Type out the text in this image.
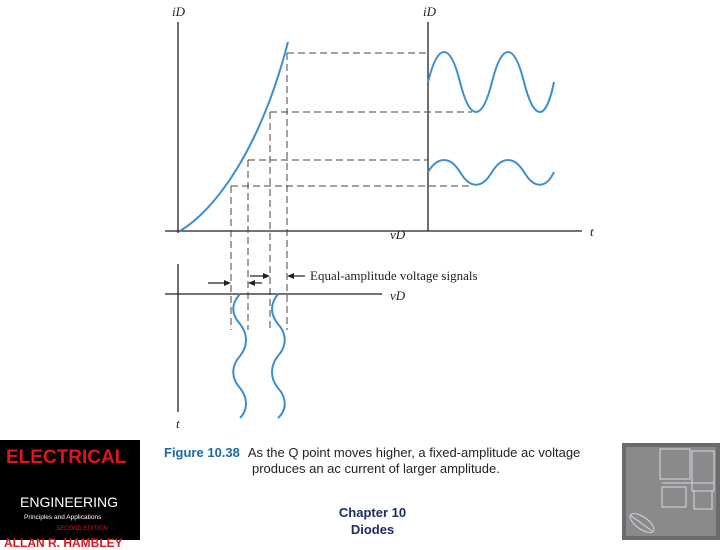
iD	iD
vD	t
vD
t
Equal-amplitude voltage signals
Figure 10.38 As the Q point moves higher, a fixed-amplitude ac voltage
produces an ac current of larger amplitude.
ELECTRICAL
ENGINEERING
Principles and Applications
SECOND EDITION
ALLAN R. HAMBLEY
Chapter 10
Diodes
